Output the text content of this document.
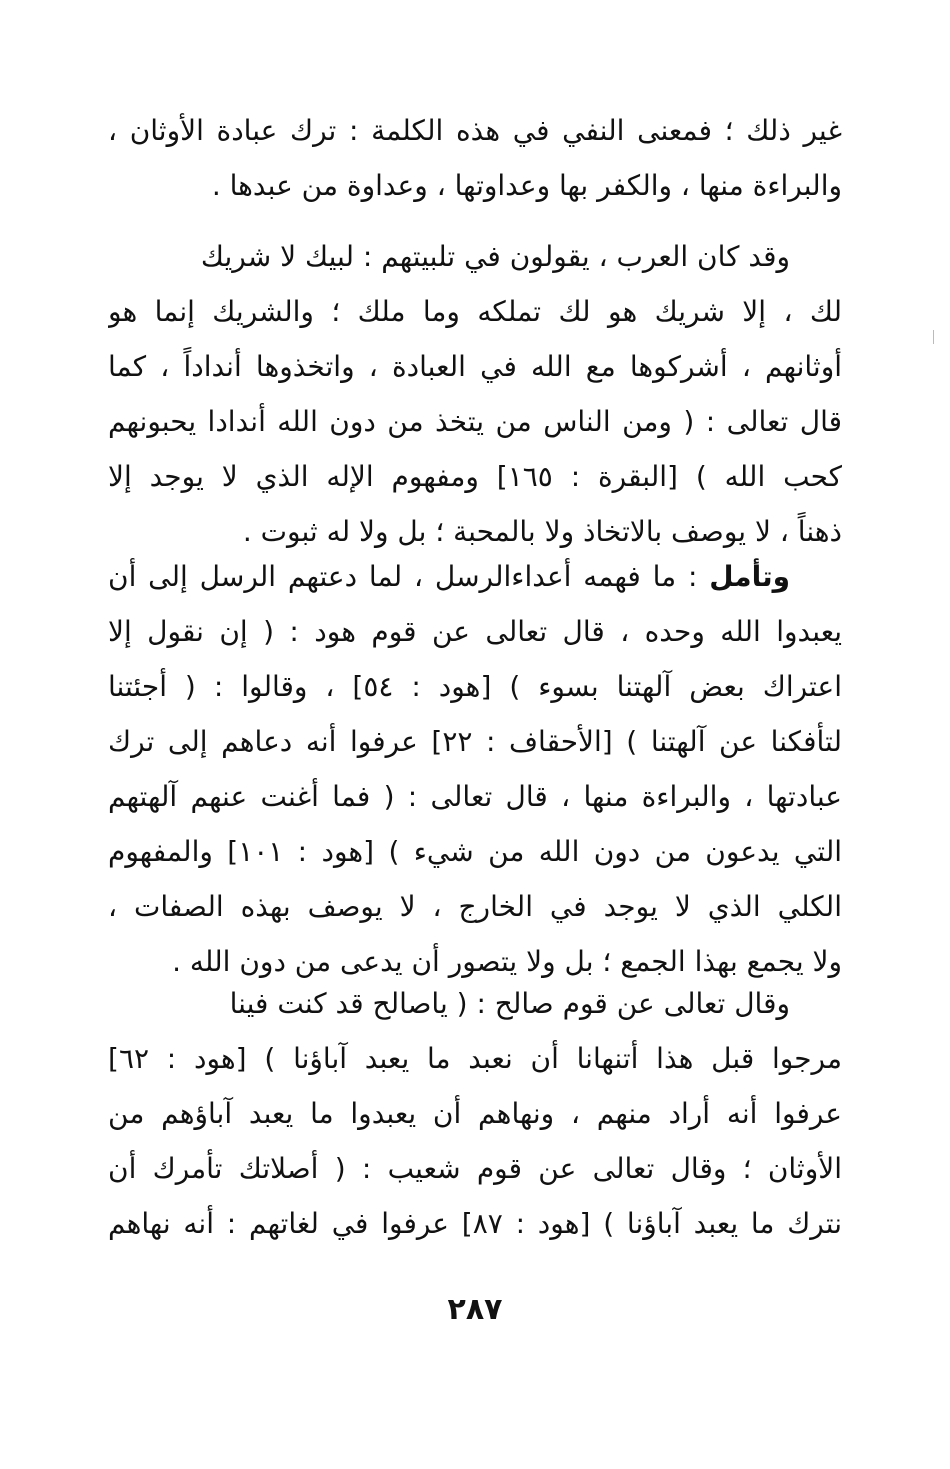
غير ذلك ؛ فمعنى النفي في هذه الكلمة : ترك عبادة الأوثان ،
والبراءة منها ، والكفر بها وعداوتها ، وعداوة من عبدها .
وقد كان العرب ، يقولون في تلبيتهم : لبيك لا شريك
لك ، إلا شريك هو لك تملكه وما ملك ؛ والشريك إنما هو
أوثانهم ، أشركوها مع الله في العبادة ، واتخذوها أنداداً ، كما
قال تعالى : ( ومن الناس من يتخذ من دون الله أندادا يحبونهم
كحب الله ) [البقرة : ١٦٥] ومفهوم الإله الذي لا يوجد إلا
ذهناً ، لا يوصف بالاتخاذ ولا بالمحبة ؛ بل ولا له ثبوت .
وتأمل : ما فهمه أعداءالرسل ، لما دعتهم الرسل إلى أن
يعبدوا الله وحده ، قال تعالى عن قوم هود : ( إن نقول إلا
اعتراك بعض آلهتنا بسوء ) [هود : ٥٤] ، وقالوا : ( أجئتنا
لتأفكنا عن آلهتنا ) [الأحقاف : ٢٢] عرفوا أنه دعاهم إلى ترك
عبادتها ، والبراءة منها ، قال تعالى : ( فما أغنت عنهم آلهتهم
التي يدعون من دون الله من شيء ) [هود : ١٠١] والمفهوم
الكلي الذي لا يوجد في الخارج ، لا يوصف بهذه الصفات ،
ولا يجمع بهذا الجمع ؛ بل ولا يتصور أن يدعى من دون الله .
وقال تعالى عن قوم صالح : ( ياصالح قد كنت فينا
مرجوا قبل هذا أتنهانا أن نعبد ما يعبد آباؤنا ) [هود : ٦٢]
عرفوا أنه أراد منهم ، ونهاهم أن يعبدوا ما يعبد آباؤهم من
الأوثان ؛ وقال تعالى عن قوم شعيب : ( أصلاتك تأمرك أن
نترك ما يعبد آباؤنا ) [هود : ٨٧] عرفوا في لغاتهم : أنه نهاهم
٢٨٧
